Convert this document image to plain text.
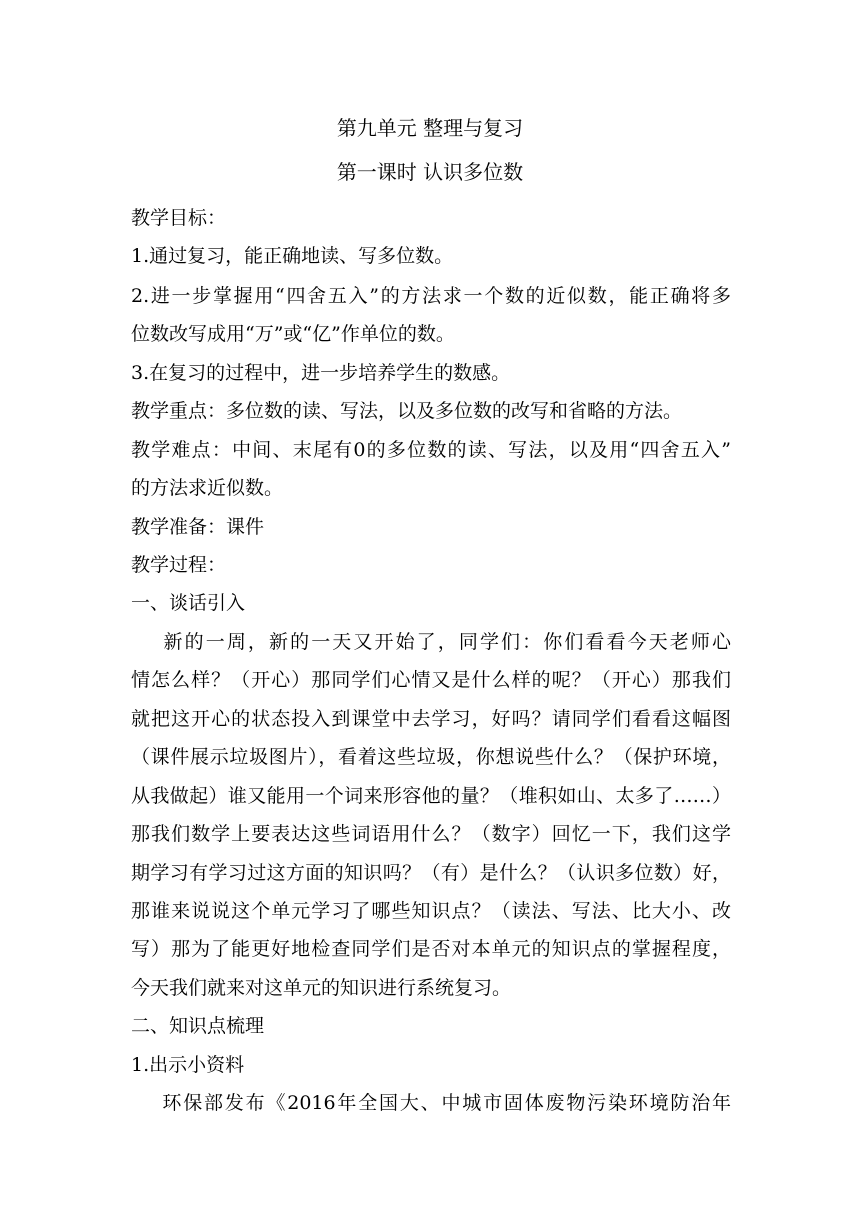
第九单元 整理与复习
第一课时 认识多位数
教学目标：
1.通过复习，能正确地读、写多位数。
2.进一步掌握用“四舍五入”的方法求一个数的近似数，能正确将多
位数改写成用“万”或“亿”作单位的数。
3.在复习的过程中，进一步培养学生的数感。
教学重点：多位数的读、写法，以及多位数的改写和省略的方法。
教学难点：中间、末尾有0的多位数的读、写法，以及用“四舍五入”
的方法求近似数。
教学准备：课件
教学过程：
一、谈话引入
新的一周，新的一天又开始了，同学们：你们看看今天老师心
情怎么样？（开心）那同学们心情又是什么样的呢？（开心）那我们
就把这开心的状态投入到课堂中去学习，好吗？请同学们看看这幅图
（课件展示垃圾图片），看着这些垃圾，你想说些什么？（保护环境，
从我做起）谁又能用一个词来形容他的量？（堆积如山、太多了……）
那我们数学上要表达这些词语用什么？（数字）回忆一下，我们这学
期学习有学习过这方面的知识吗？（有）是什么？（认识多位数）好，
那谁来说说这个单元学习了哪些知识点？（读法、写法、比大小、改
写）那为了能更好地检查同学们是否对本单元的知识点的掌握程度，
今天我们就来对这单元的知识进行系统复习。
二、知识点梳理
1.出示小资料
环保部发布《2016年全国大、中城市固体废物污染环境防治年
